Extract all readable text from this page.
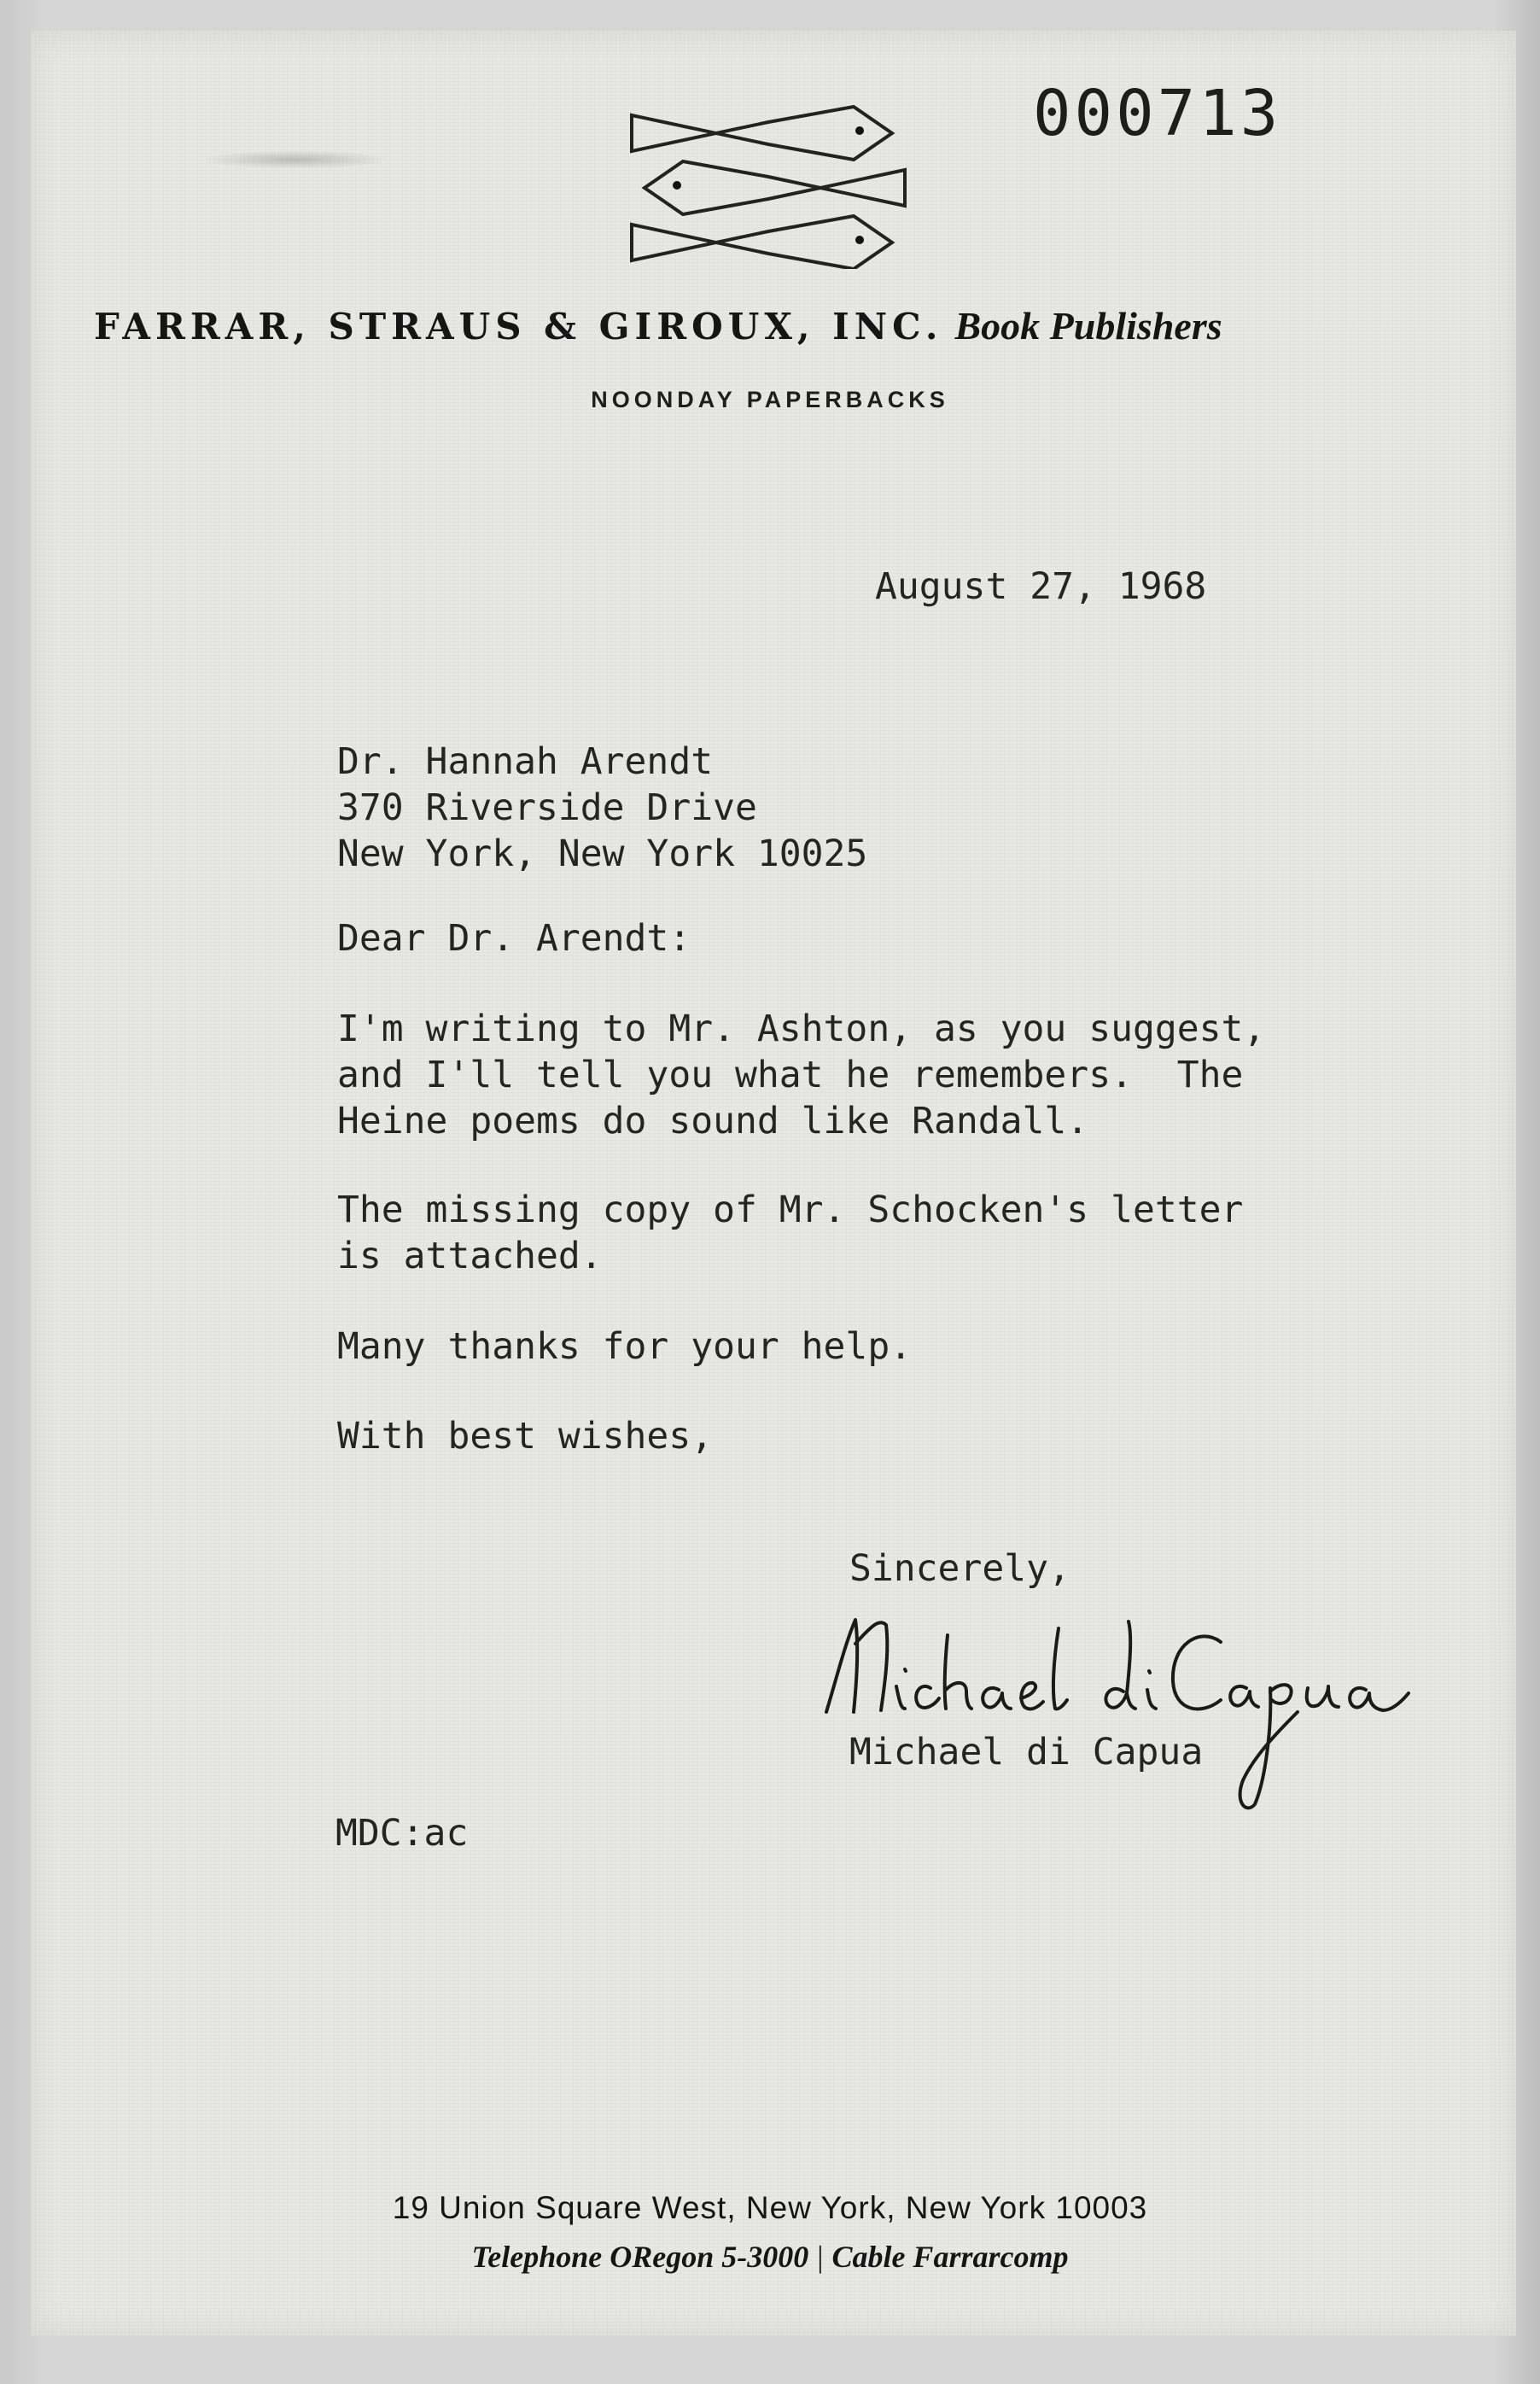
000713
FARRAR, STRAUS & GIROUX, INC. Book Publishers
NOONDAY PAPERBACKS
August 27, 1968
Dr. Hannah Arendt
370 Riverside Drive
New York, New York 10025
Dear Dr. Arendt:
I'm writing to Mr. Ashton, as you suggest,
and I'll tell you what he remembers.  The
Heine poems do sound like Randall.
The missing copy of Mr. Schocken's letter
is attached.
Many thanks for your help.
With best wishes,
Sincerely,
Michael di Capua
MDC:ac
19 Union Square West, New York, New York 10003
Telephone ORegon 5-3000 | Cable Farrarcomp
